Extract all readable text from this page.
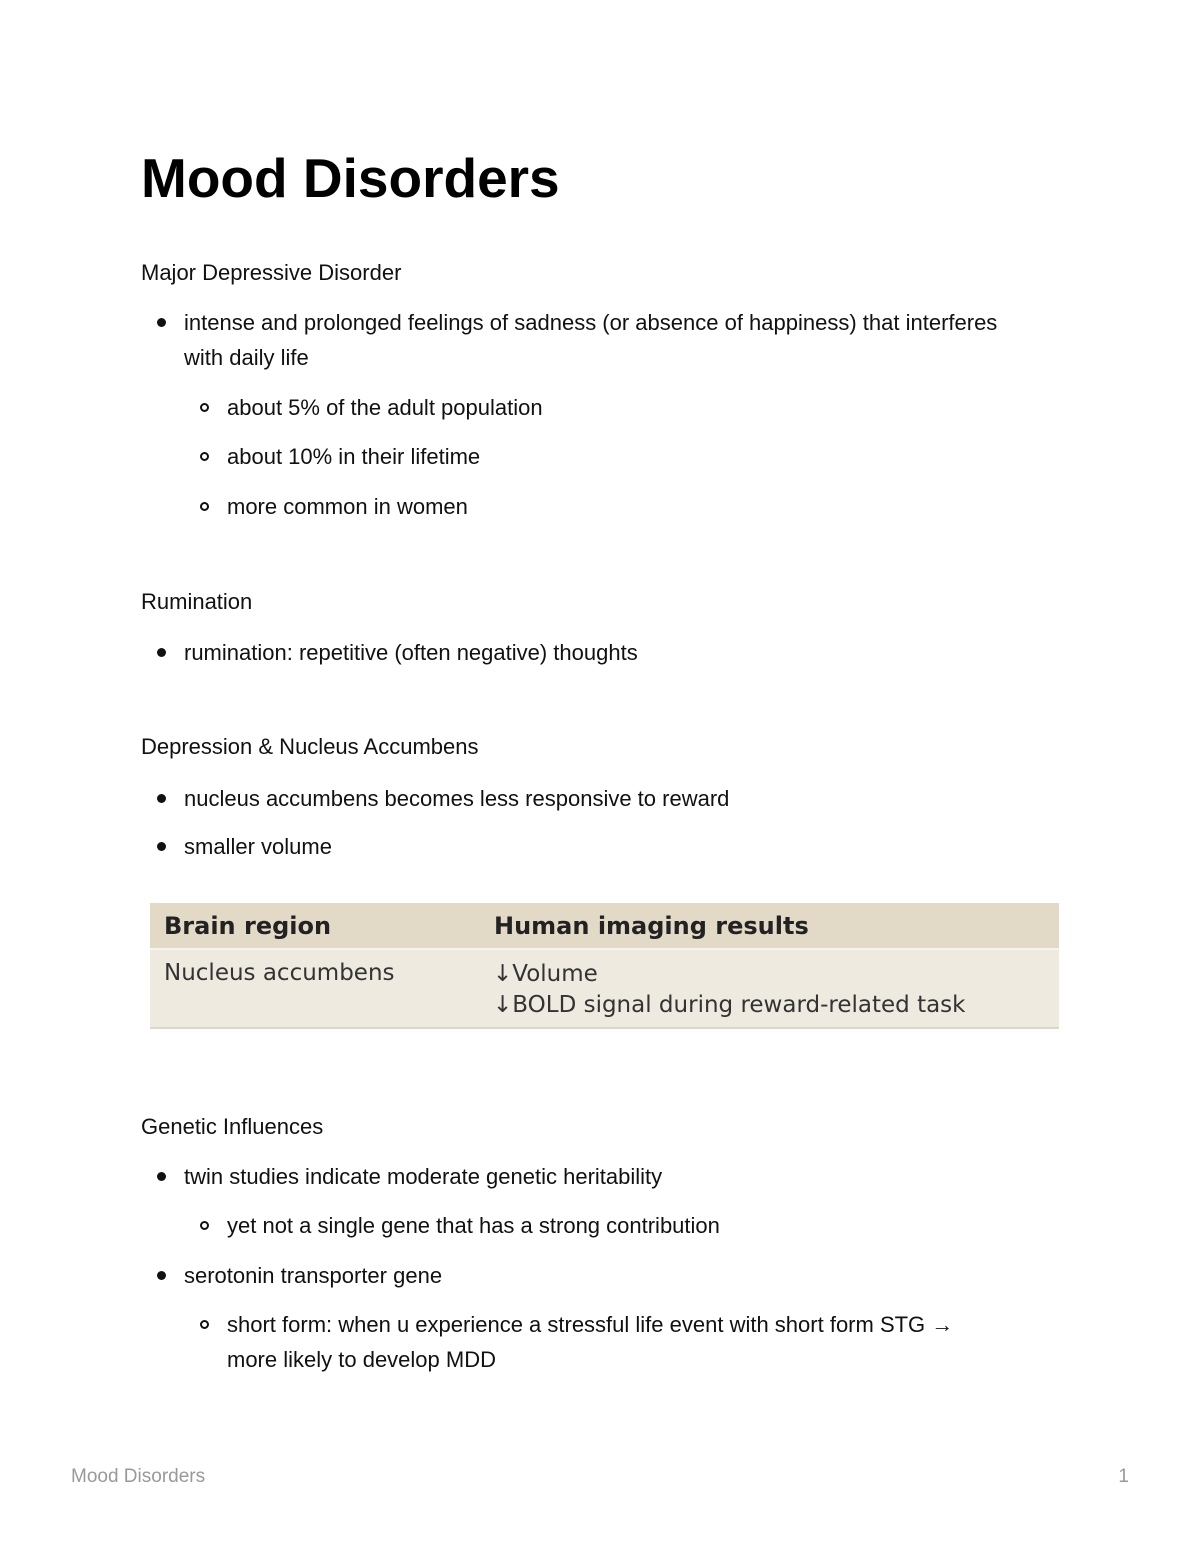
Mood Disorders
Major Depressive Disorder
intense and prolonged feelings of sadness (or absence of happiness) that interferes
with daily life
about 5% of the adult population
about 10% in their lifetime
more common in women
Rumination
rumination: repetitive (often negative) thoughts
Depression & Nucleus Accumbens
nucleus accumbens becomes less responsive to reward
smaller volume
Brain region	Human imaging results
Nucleus accumbens	↓Volume
↓BOLD signal during reward-related task
Genetic Influences
twin studies indicate moderate genetic heritability
yet not a single gene that has a strong contribution
serotonin transporter gene
short form: when u experience a stressful life event with short form STG →
more likely to develop MDD
Mood Disorders	1
